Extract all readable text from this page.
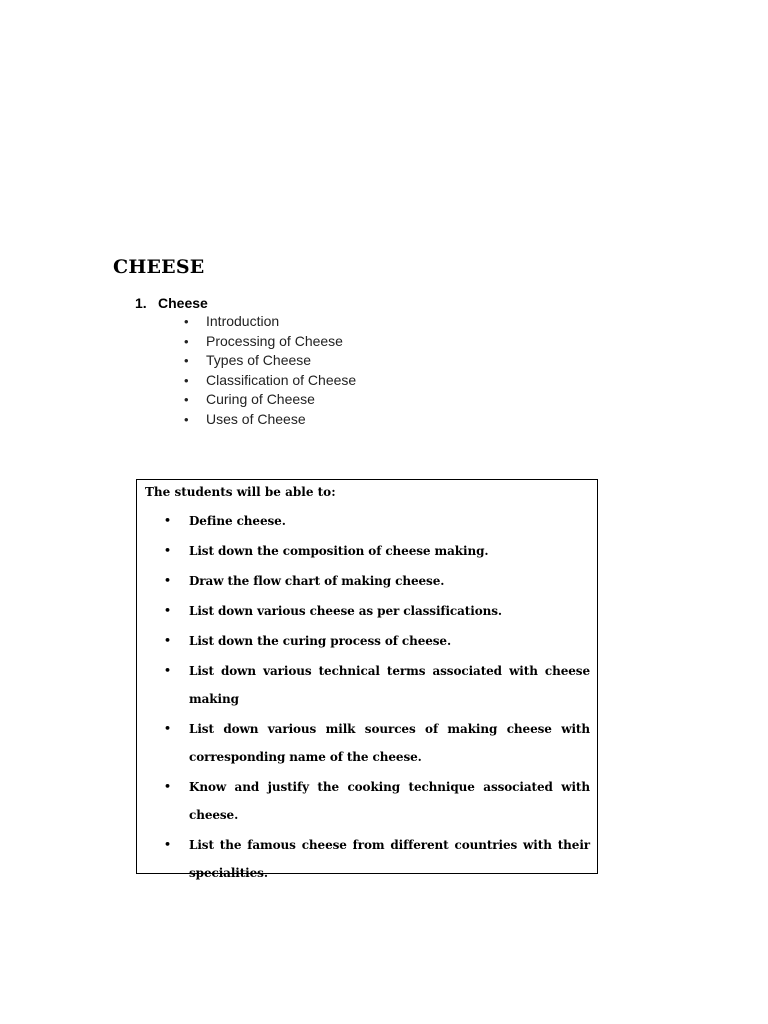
CHEESE

1. Cheese

• Introduction
• Processing of Cheese
• Types of Cheese
• Classification of Cheese
• Curing of Cheese
• Uses of Cheese

The students will be able to:

• Define cheese.
• List down the composition of cheese making.
• Draw the flow chart of making cheese.
• List down various cheese as per classifications.
• List down the curing process of cheese.
• List down various technical terms associated with cheese making
• List down various milk sources of making cheese with corresponding name of the cheese.
• Know and justify the cooking technique associated with cheese.
• List the famous cheese from different countries with their specialities.
